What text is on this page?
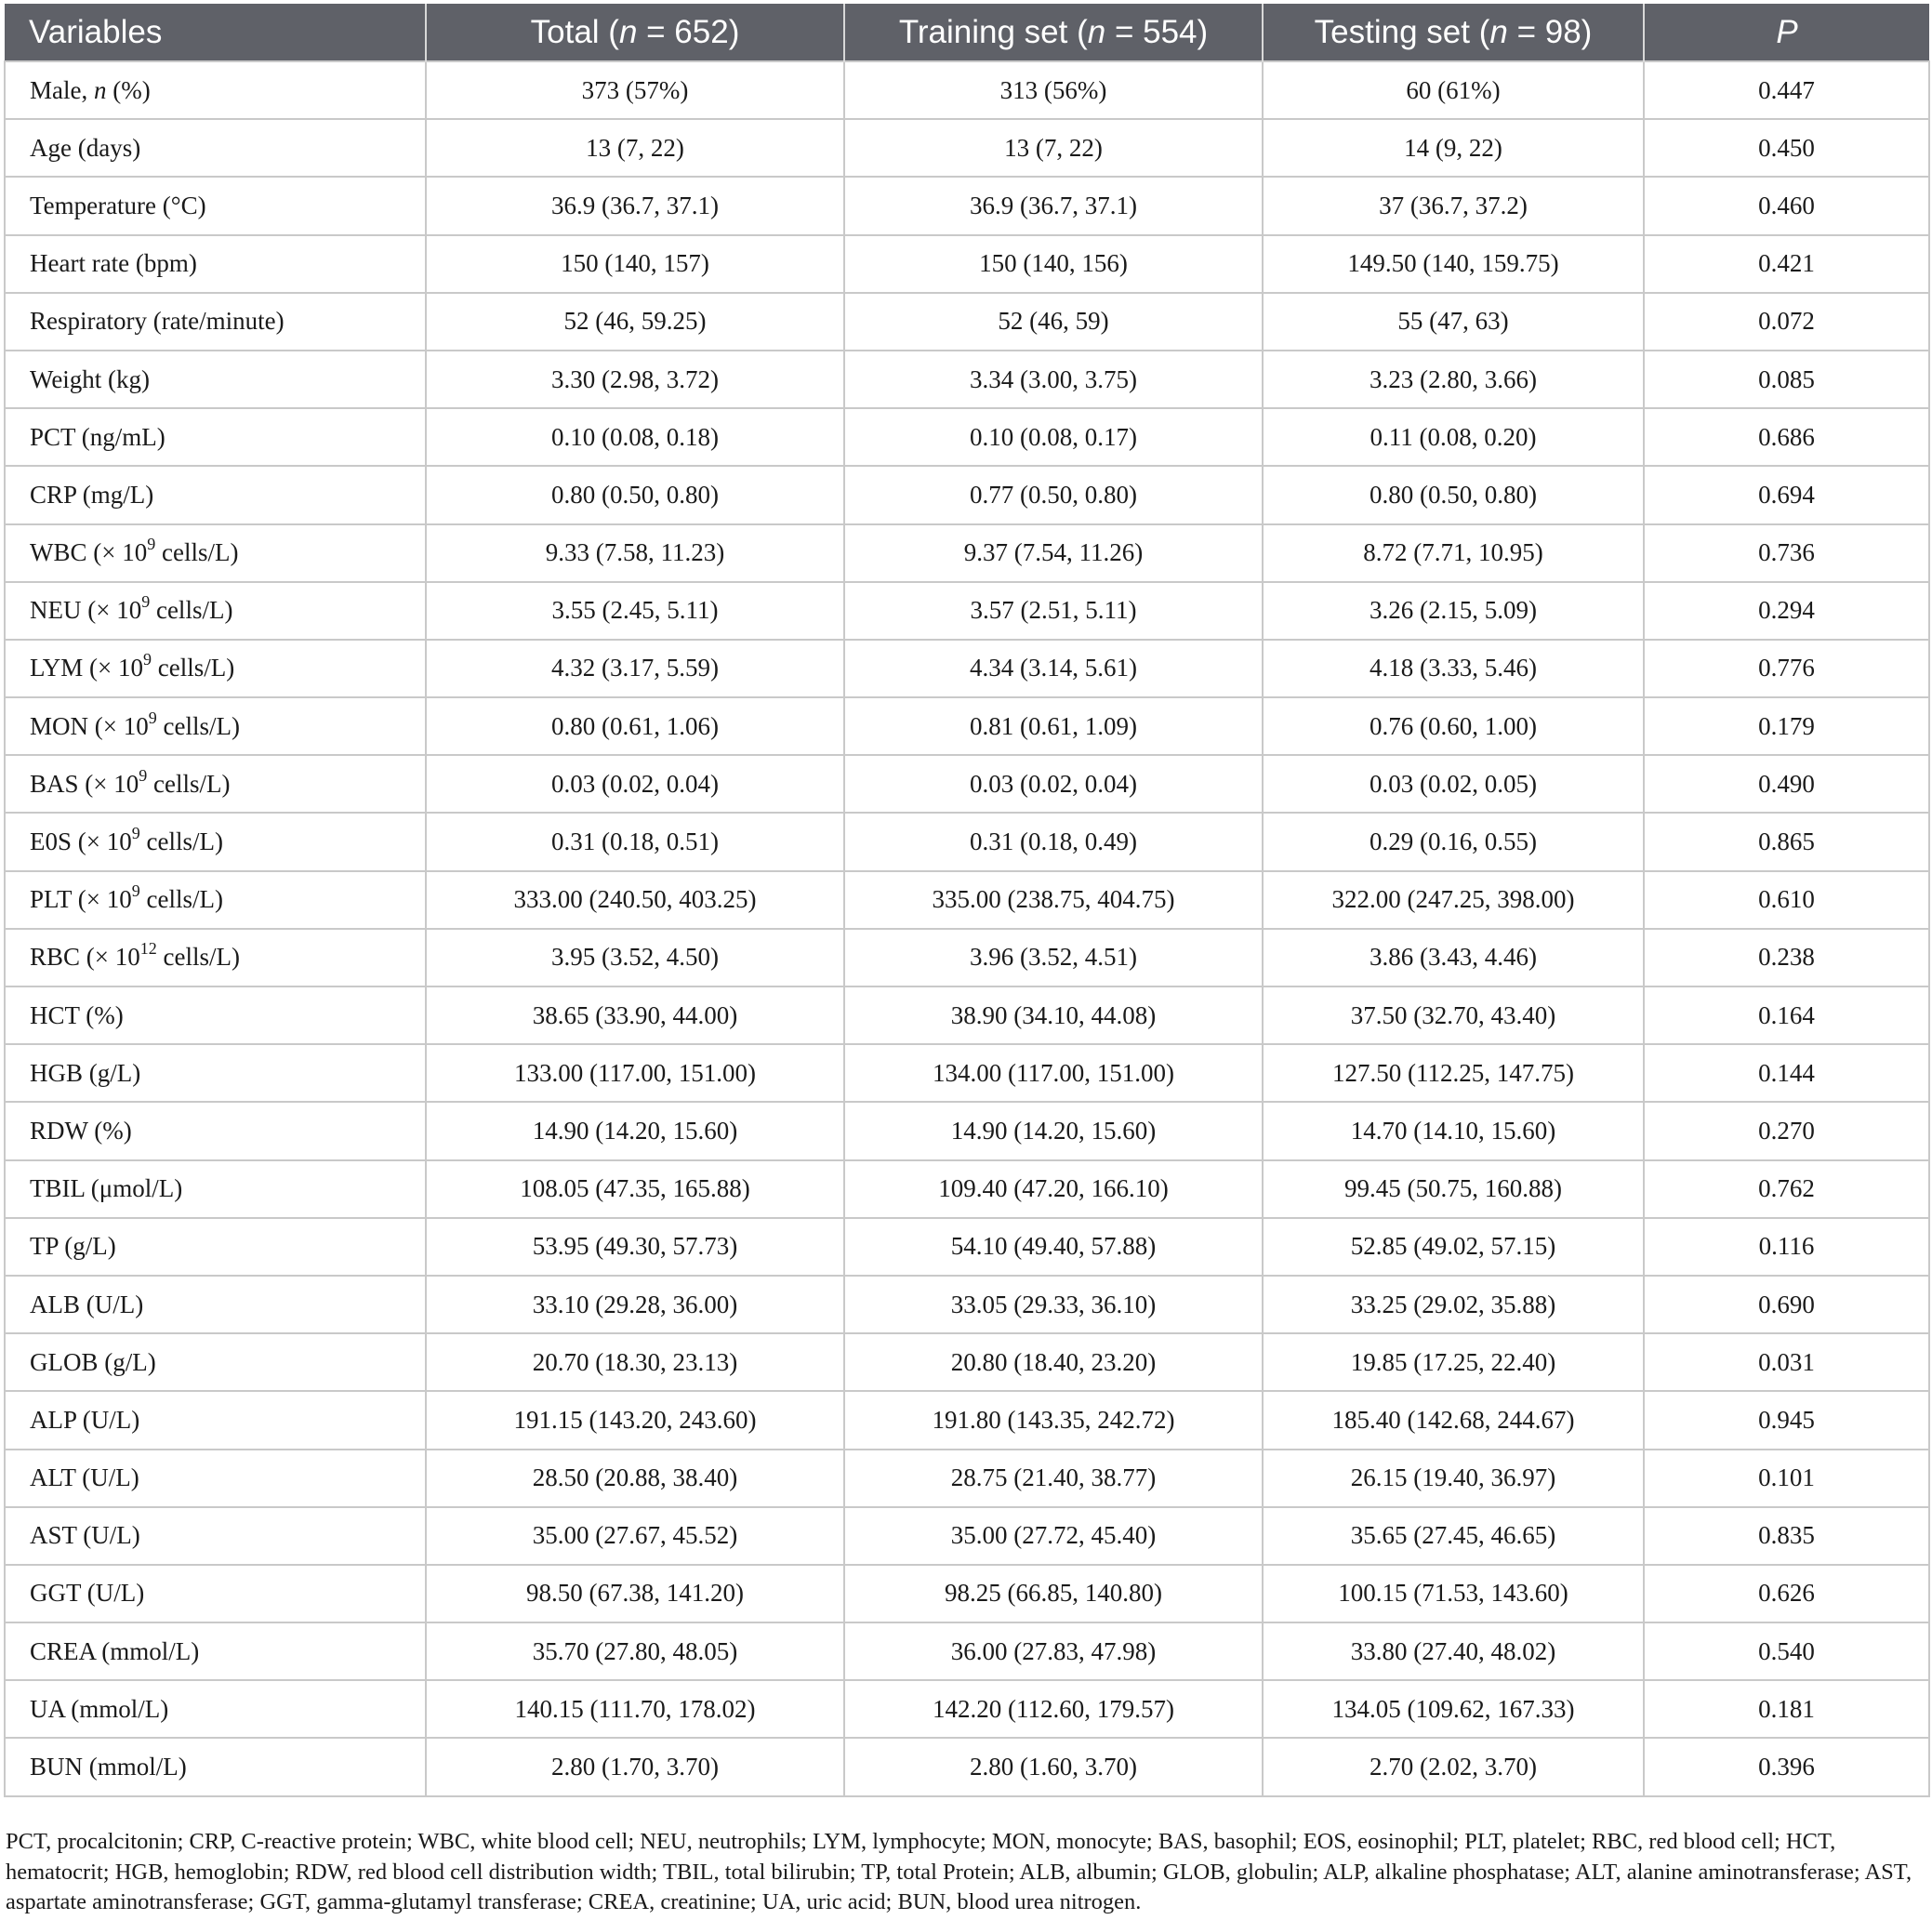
Variables	Total (n = 652)	Training set (n = 554)	Testing set (n = 98)	P
Male, n (%)	373 (57%)	313 (56%)	60 (61%)	0.447
Age (days)	13 (7, 22)	13 (7, 22)	14 (9, 22)	0.450
Temperature (°C)	36.9 (36.7, 37.1)	36.9 (36.7, 37.1)	37 (36.7, 37.2)	0.460
Heart rate (bpm)	150 (140, 157)	150 (140, 156)	149.50 (140, 159.75)	0.421
Respiratory (rate/minute)	52 (46, 59.25)	52 (46, 59)	55 (47, 63)	0.072
Weight (kg)	3.30 (2.98, 3.72)	3.34 (3.00, 3.75)	3.23 (2.80, 3.66)	0.085
PCT (ng/mL)	0.10 (0.08, 0.18)	0.10 (0.08, 0.17)	0.11 (0.08, 0.20)	0.686
CRP (mg/L)	0.80 (0.50, 0.80)	0.77 (0.50, 0.80)	0.80 (0.50, 0.80)	0.694
WBC (× $10^9$ cells/L)	9.33 (7.58, 11.23)	9.37 (7.54, 11.26)	8.72 (7.71, 10.95)	0.736
NEU (× $10^9$ cells/L)	3.55 (2.45, 5.11)	3.57 (2.51, 5.11)	3.26 (2.15, 5.09)	0.294
LYM (× $10^9$ cells/L)	4.32 (3.17, 5.59)	4.34 (3.14, 5.61)	4.18 (3.33, 5.46)	0.776
MON (× $10^9$ cells/L)	0.80 (0.61, 1.06)	0.81 (0.61, 1.09)	0.76 (0.60, 1.00)	0.179
BAS (× $10^9$ cells/L)	0.03 (0.02, 0.04)	0.03 (0.02, 0.04)	0.03 (0.02, 0.05)	0.490
E0S (× $10^9$ cells/L)	0.31 (0.18, 0.51)	0.31 (0.18, 0.49)	0.29 (0.16, 0.55)	0.865
PLT (× $10^9$ cells/L)	333.00 (240.50, 403.25)	335.00 (238.75, 404.75)	322.00 (247.25, 398.00)	0.610
RBC (× $10^{12}$ cells/L)	3.95 (3.52, 4.50)	3.96 (3.52, 4.51)	3.86 (3.43, 4.46)	0.238
HCT (%)	38.65 (33.90, 44.00)	38.90 (34.10, 44.08)	37.50 (32.70, 43.40)	0.164
HGB (g/L)	133.00 (117.00, 151.00)	134.00 (117.00, 151.00)	127.50 (112.25, 147.75)	0.144
RDW (%)	14.90 (14.20, 15.60)	14.90 (14.20, 15.60)	14.70 (14.10, 15.60)	0.270
TBIL (μmol/L)	108.05 (47.35, 165.88)	109.40 (47.20, 166.10)	99.45 (50.75, 160.88)	0.762
TP (g/L)	53.95 (49.30, 57.73)	54.10 (49.40, 57.88)	52.85 (49.02, 57.15)	0.116
ALB (U/L)	33.10 (29.28, 36.00)	33.05 (29.33, 36.10)	33.25 (29.02, 35.88)	0.690
GLOB (g/L)	20.70 (18.30, 23.13)	20.80 (18.40, 23.20)	19.85 (17.25, 22.40)	0.031
ALP (U/L)	191.15 (143.20, 243.60)	191.80 (143.35, 242.72)	185.40 (142.68, 244.67)	0.945
ALT (U/L)	28.50 (20.88, 38.40)	28.75 (21.40, 38.77)	26.15 (19.40, 36.97)	0.101
AST (U/L)	35.00 (27.67, 45.52)	35.00 (27.72, 45.40)	35.65 (27.45, 46.65)	0.835
GGT (U/L)	98.50 (67.38, 141.20)	98.25 (66.85, 140.80)	100.15 (71.53, 143.60)	0.626
CREA (mmol/L)	35.70 (27.80, 48.05)	36.00 (27.83, 47.98)	33.80 (27.40, 48.02)	0.540
UA (mmol/L)	140.15 (111.70, 178.02)	142.20 (112.60, 179.57)	134.05 (109.62, 167.33)	0.181
BUN (mmol/L)	2.80 (1.70, 3.70)	2.80 (1.60, 3.70)	2.70 (2.02, 3.70)	0.396

PCT, procalcitonin; CRP, C-reactive protein; WBC, white blood cell; NEU, neutrophils; LYM, lymphocyte; MON, monocyte; BAS, basophil; EOS, eosinophil; PLT, platelet; RBC, red blood cell; HCT, hematocrit; HGB, hemoglobin; RDW, red blood cell distribution width; TBIL, total bilirubin; TP, total Protein; ALB, albumin; GLOB, globulin; ALP, alkaline phosphatase; ALT, alanine aminotransferase; AST, aspartate aminotransferase; GGT, gamma-glutamyl transferase; CREA, creatinine; UA, uric acid; BUN, blood urea nitrogen.
